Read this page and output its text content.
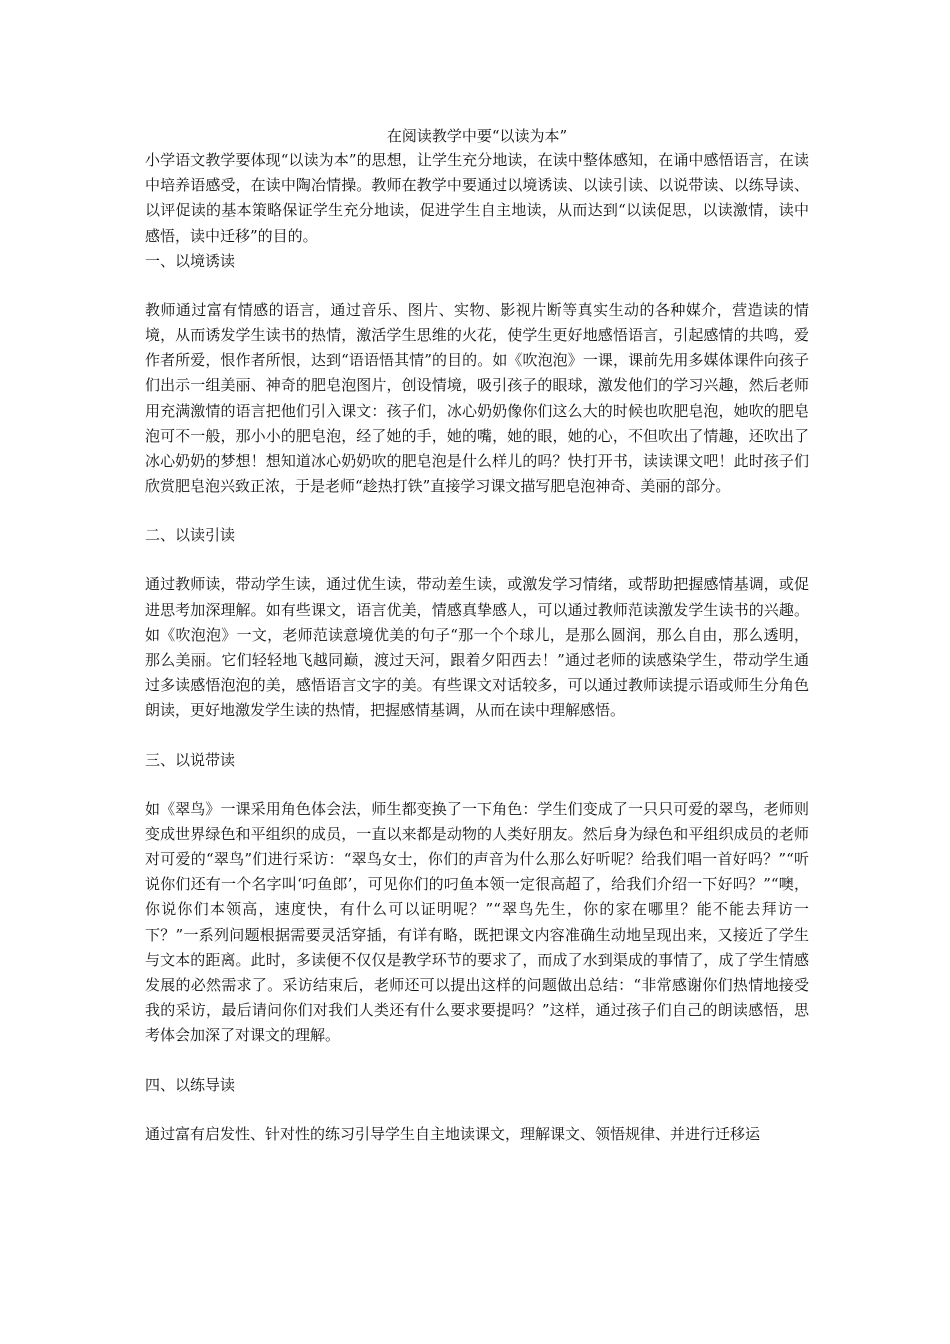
在阅读教学中要“以读为本”

小学语文教学要体现“以读为本”的思想，让学生充分地读，在读中整体感知，在诵中感悟语言，在读中培养语感受，在读中陶冶情操。教师在教学中要通过以境诱读、以读引读、以说带读、以练导读、以评促读的基本策略保证学生充分地读，促进学生自主地读，从而达到“以读促思，以读激情，读中感悟，读中迁移”的目的。

一、以境诱读

教师通过富有情感的语言，通过音乐、图片、实物、影视片断等真实生动的各种媒介，营造读的情境，从而诱发学生读书的热情，激活学生思维的火花，使学生更好地感悟语言，引起感情的共鸣，爱作者所爱，恨作者所恨，达到“语语悟其情”的目的。如《吹泡泡》一课，课前先用多媒体课件向孩子们出示一组美丽、神奇的肥皂泡图片，创设情境，吸引孩子的眼球，激发他们的学习兴趣，然后老师用充满激情的语言把他们引入课文：孩子们，冰心奶奶像你们这么大的时候也吹肥皂泡，她吹的肥皂泡可不一般，那小小的肥皂泡，经了她的手，她的嘴，她的眼，她的心，不但吹出了情趣，还吹出了冰心奶奶的梦想！想知道冰心奶奶吹的肥皂泡是什么样儿的吗？快打开书，读读课文吧！此时孩子们欣赏肥皂泡兴致正浓，于是老师“趁热打铁”直接学习课文描写肥皂泡神奇、美丽的部分。

二、以读引读

通过教师读，带动学生读，通过优生读，带动差生读，或激发学习情绪，或帮助把握感情基调，或促进思考加深理解。如有些课文，语言优美，情感真挚感人，可以通过教师范读激发学生读书的兴趣。如《吹泡泡》一文，老师范读意境优美的句子“那一个个球儿，是那么圆润，那么自由，那么透明，那么美丽。它们轻轻地飞越同巅，渡过天河，跟着夕阳西去！”通过老师的读感染学生，带动学生通过多读感悟泡泡的美，感悟语言文字的美。有些课文对话较多，可以通过教师读提示语或师生分角色朗读，更好地激发学生读的热情，把握感情基调，从而在读中理解感悟。

三、以说带读

如《翠鸟》一课采用角色体会法，师生都变换了一下角色：学生们变成了一只只可爱的翠鸟，老师则变成世界绿色和平组织的成员，一直以来都是动物的人类好朋友。然后身为绿色和平组织成员的老师对可爱的“翠鸟”们进行采访：“翠鸟女士，你们的声音为什么那么好听呢？给我们唱一首好吗？”“听说你们还有一个名字叫‘叼鱼郎’，可见你们的叼鱼本领一定很高超了，给我们介绍一下好吗？”“噢，你说你们本领高，速度快，有什么可以证明呢？”“翠鸟先生，你的家在哪里？能不能去拜访一下？”一系列问题根据需要灵活穿插，有详有略，既把课文内容准确生动地呈现出来，又接近了学生与文本的距离。此时，多读便不仅仅是教学环节的要求了，而成了水到渠成的事情了，成了学生情感发展的必然需求了。采访结束后，老师还可以提出这样的问题做出总结：“非常感谢你们热情地接受我的采访，最后请问你们对我们人类还有什么要求要提吗？”这样，通过孩子们自己的朗读感悟，思考体会加深了对课文的理解。

四、以练导读

通过富有启发性、针对性的练习引导学生自主地读课文，理解课文、领悟规律、并进行迁移运
